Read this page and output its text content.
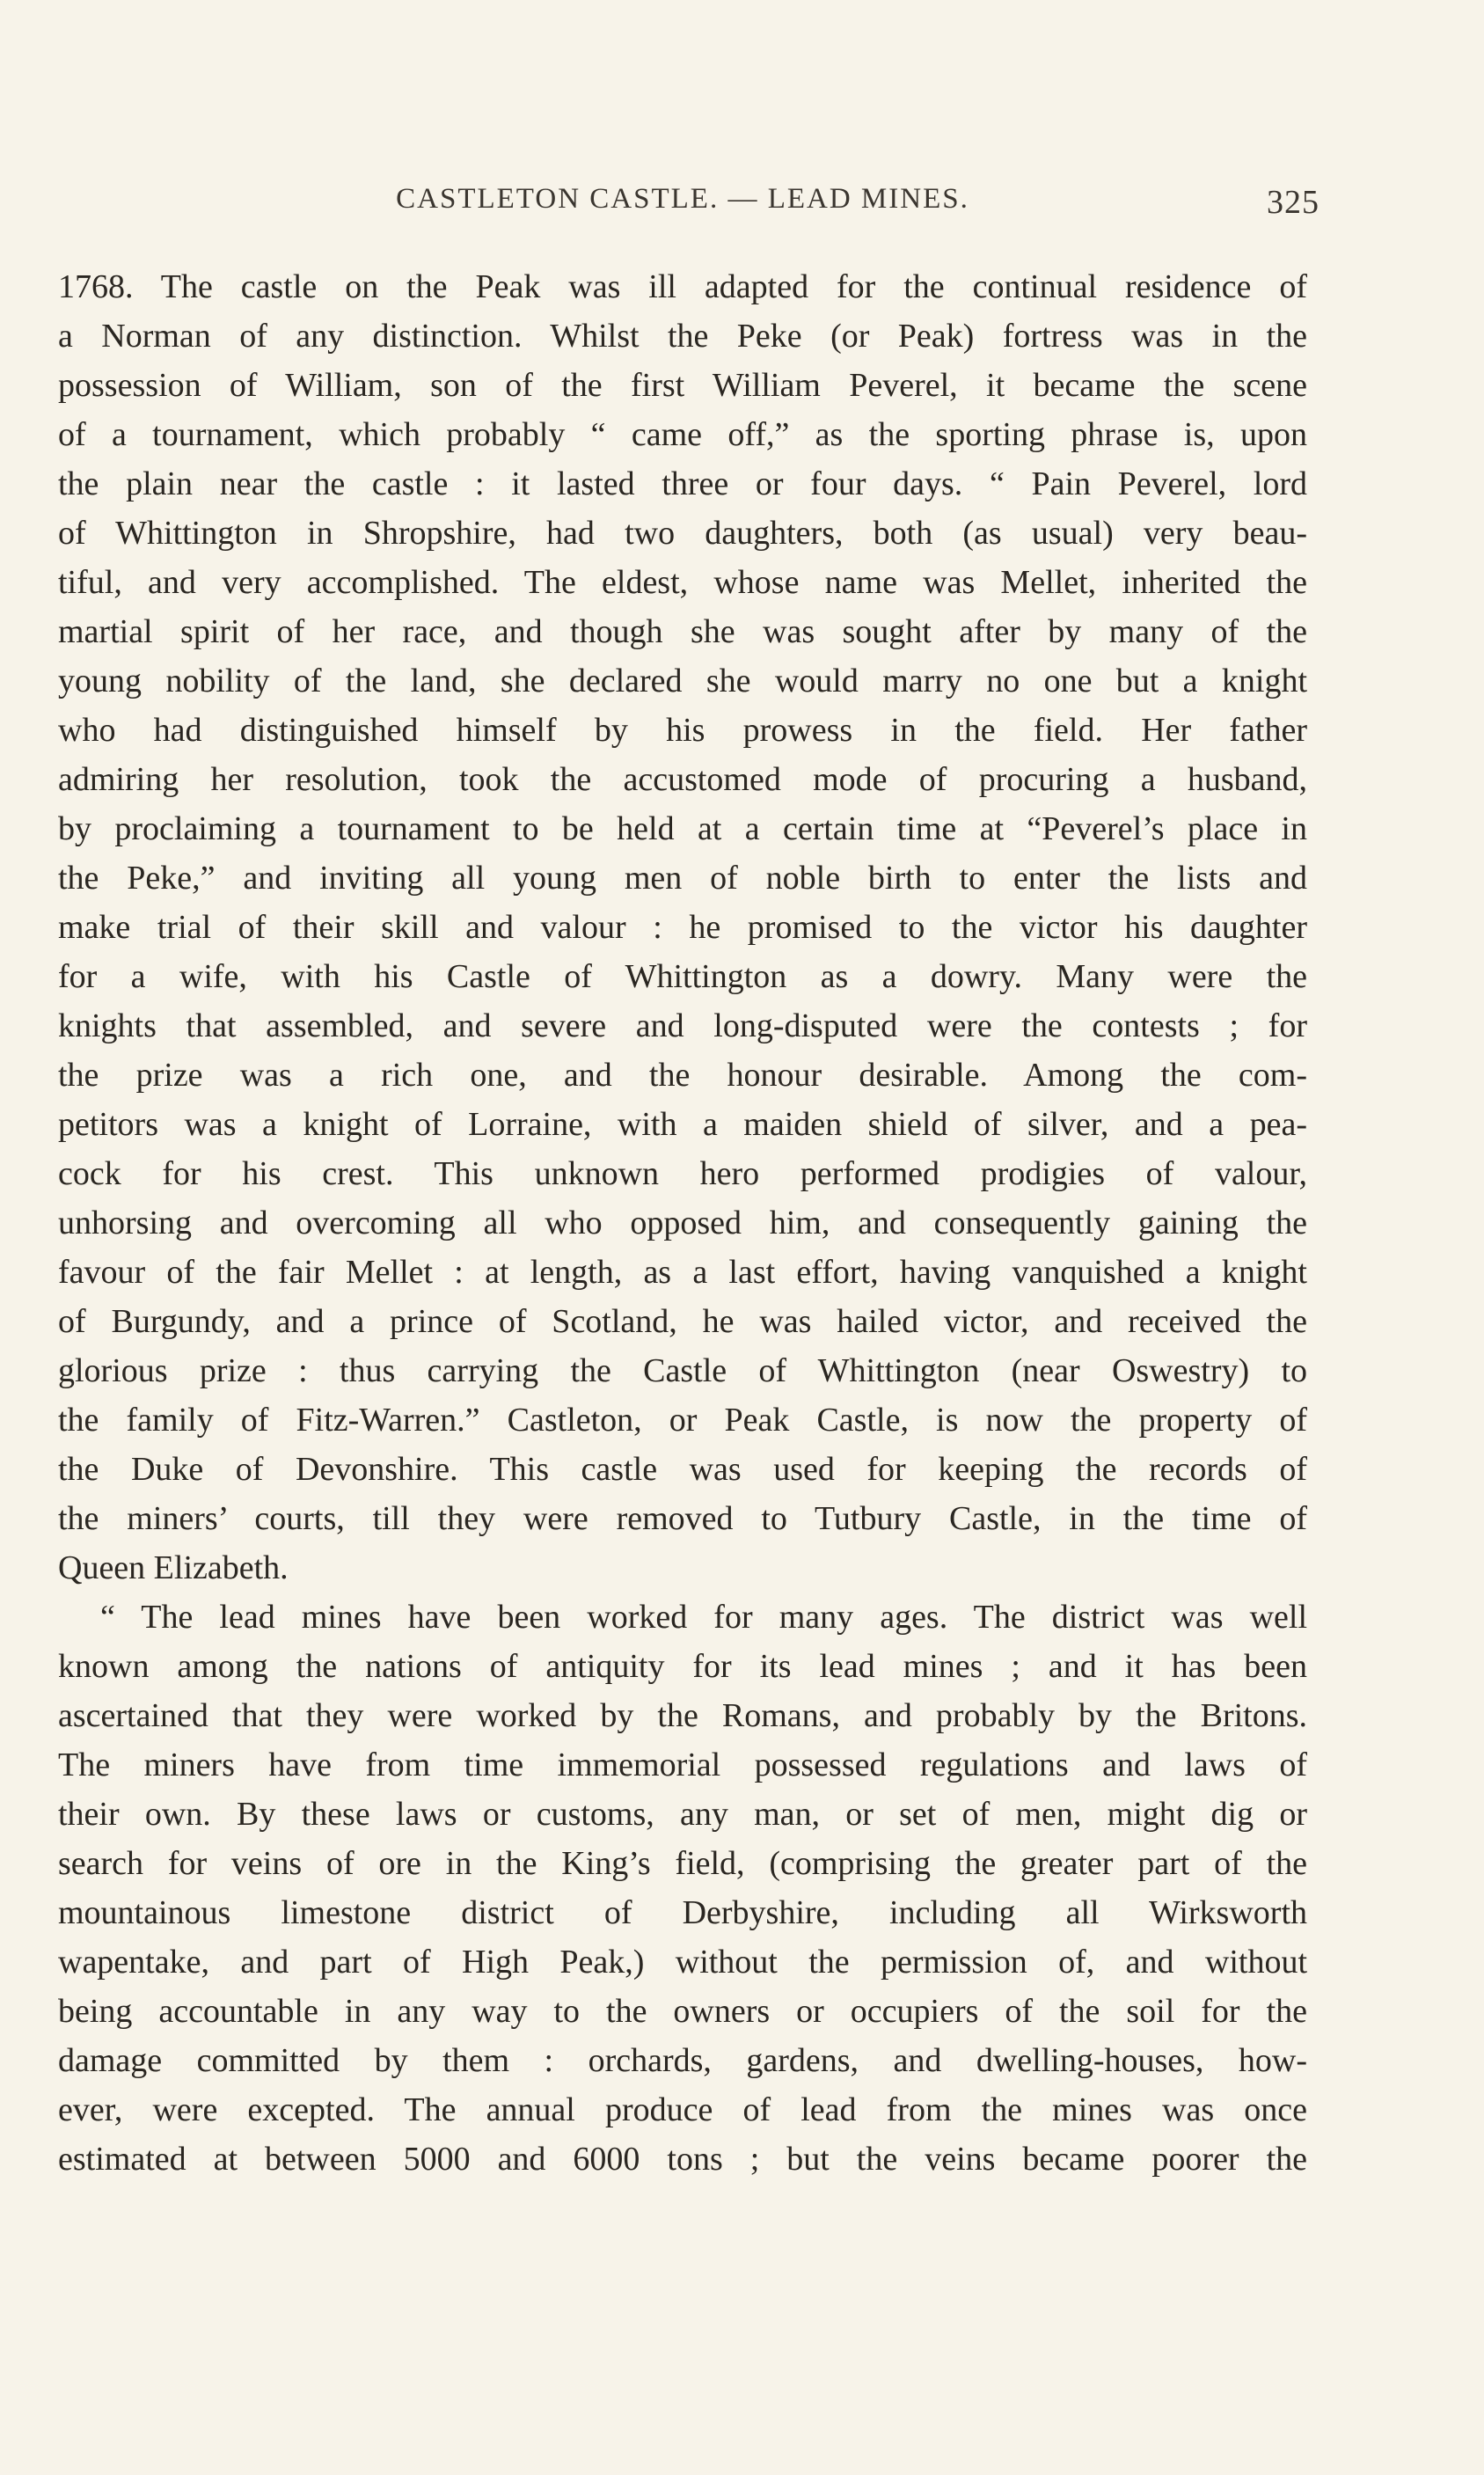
CASTLETON CASTLE. — LEAD MINES.	325
1768. The castle on the Peak was ill adapted for the continual residence of
a Norman of any distinction. Whilst the Peke (or Peak) fortress was in the
possession of William, son of the first William Peverel, it became the scene
of a tournament, which probably “ came off,” as the sporting phrase is, upon
the plain near the castle : it lasted three or four days. “ Pain Peverel, lord
of Whittington in Shropshire, had two daughters, both (as usual) very beau-
tiful, and very accomplished. The eldest, whose name was Mellet, inherited the
martial spirit of her race, and though she was sought after by many of the
young nobility of the land, she declared she would marry no one but a knight
who had distinguished himself by his prowess in the field. Her father
admiring her resolution, took the accustomed mode of procuring a husband,
by proclaiming a tournament to be held at a certain time at “Peverel’s place in
the Peke,” and inviting all young men of noble birth to enter the lists and
make trial of their skill and valour : he promised to the victor his daughter
for a wife, with his Castle of Whittington as a dowry. Many were the
knights that assembled, and severe and long-disputed were the contests ; for
the prize was a rich one, and the honour desirable. Among the com-
petitors was a knight of Lorraine, with a maiden shield of silver, and a pea-
cock for his crest. This unknown hero performed prodigies of valour,
unhorsing and overcoming all who opposed him, and consequently gaining the
favour of the fair Mellet : at length, as a last effort, having vanquished a knight
of Burgundy, and a prince of Scotland, he was hailed victor, and received the
glorious prize : thus carrying the Castle of Whittington (near Oswestry) to
the family of Fitz-Warren.” Castleton, or Peak Castle, is now the property of
the Duke of Devonshire. This castle was used for keeping the records of
the miners’ courts, till they were removed to Tutbury Castle, in the time of
Queen Elizabeth.
“ The lead mines have been worked for many ages. The district was well
known among the nations of antiquity for its lead mines ; and it has been
ascertained that they were worked by the Romans, and probably by the Britons.
The miners have from time immemorial possessed regulations and laws of
their own. By these laws or customs, any man, or set of men, might dig or
search for veins of ore in the King’s field, (comprising the greater part of the
mountainous limestone district of Derbyshire, including all Wirksworth
wapentake, and part of High Peak,) without the permission of, and without
being accountable in any way to the owners or occupiers of the soil for the
damage committed by them : orchards, gardens, and dwelling-houses, how-
ever, were excepted. The annual produce of lead from the mines was once
estimated at between 5000 and 6000 tons ; but the veins became poorer the
